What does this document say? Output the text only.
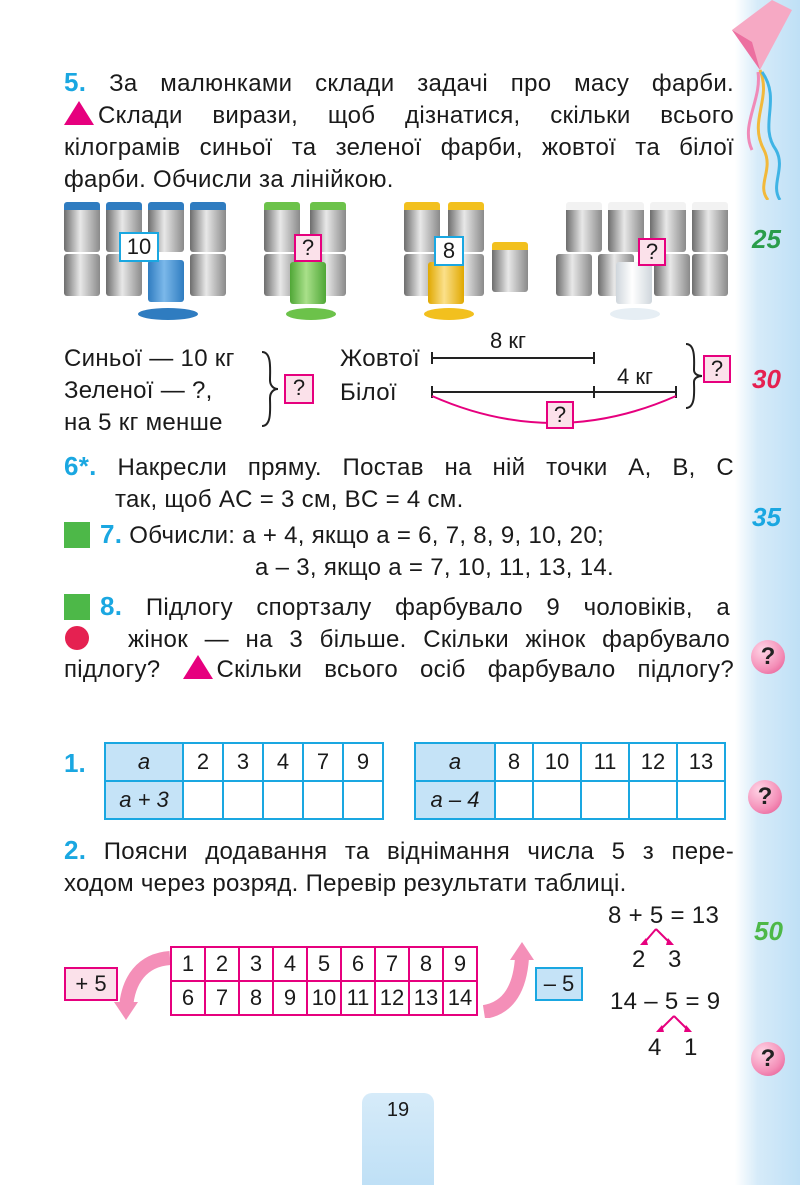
25
30
35
50
?
?
?
5. За малюнками склади задачі про масу фарби.
Склади вирази, щоб дізнатися, скільки всього
кілограмів синьої та зеленої фарби, жовтої та білої
фарби. Обчисли за лінійкою.
10	?	8	?
Синьої — 10 кг
Зеленої — ?,
на 5 кг менше
?
Жовтої
Білої
8 кг
4 кг	?
?
6*. Накресли пряму. Постав на ній точки A, B, C
так, щоб AC = 3 см, BC = 4 см.
7. Обчисли: a + 4, якщо a = 6, 7, 8, 9, 10, 20;
a – 3, якщо a = 7, 10, 11, 13, 14.
8. Підлогу спортзалу фарбувало 9 чоловіків, а
жінок — на 3 більше. Скільки жінок фарбувало
підлогу? Скільки всього осіб фарбувало підлогу?
1. a	2	3	4	7	9
a + 3					
a	8	10	11	12	13
a – 4					
2. Поясни додавання та віднімання числа 5 з пере-
ходом через розряд. Перевір результати таблиці.
+ 5
1	2	3	4	5	6	7	8	9
6	7	8	9	10	11	12	13	14
– 5
8 + 5 = 13
2 3
14 – 5 = 9
4 1
19
